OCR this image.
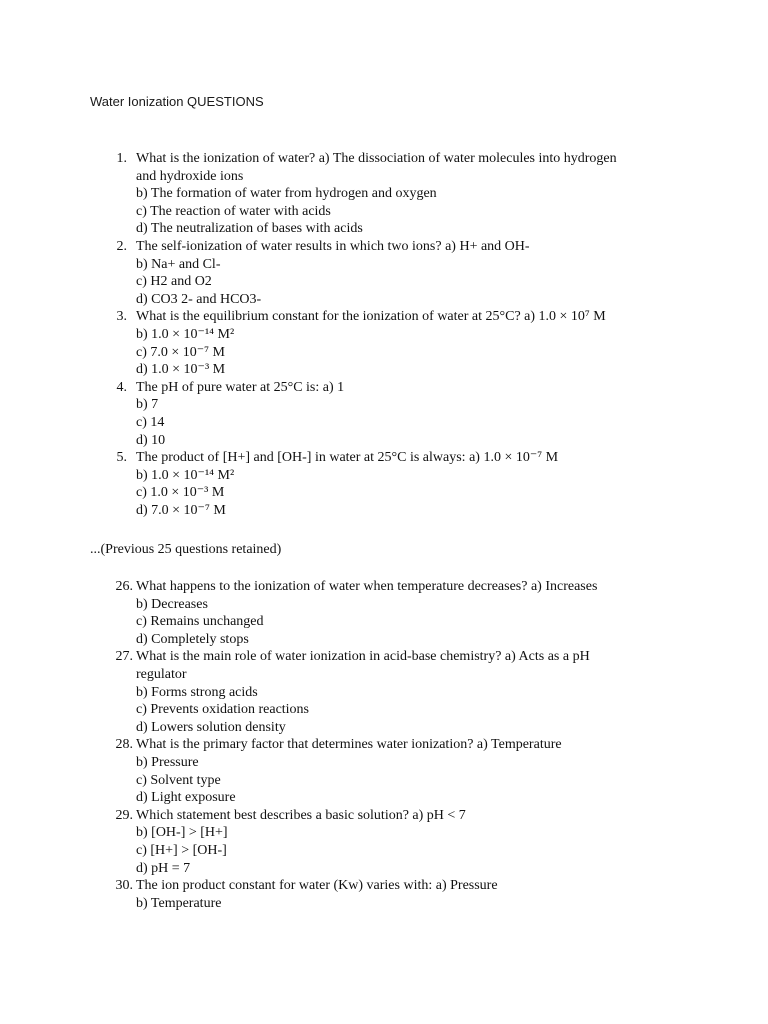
Water Ionization QUESTIONS
1. What is the ionization of water? a) The dissociation of water molecules into hydrogen
and hydroxide ions
b) The formation of water from hydrogen and oxygen
c) The reaction of water with acids
d) The neutralization of bases with acids
2. The self-ionization of water results in which two ions? a) H+ and OH-
b) Na+ and Cl-
c) H2 and O2
d) CO3 2- and HCO3-
3. What is the equilibrium constant for the ionization of water at 25°C? a) 1.0 × 10⁷ M
b) 1.0 × 10⁻¹⁴ M²
c) 7.0 × 10⁻⁷ M
d) 1.0 × 10⁻³ M
4. The pH of pure water at 25°C is: a) 1
b) 7
c) 14
d) 10
5. The product of [H+] and [OH-] in water at 25°C is always: a) 1.0 × 10⁻⁷ M
b) 1.0 × 10⁻¹⁴ M²
c) 1.0 × 10⁻³ M
d) 7.0 × 10⁻⁷ M
...(Previous 25 questions retained)
26. What happens to the ionization of water when temperature decreases? a) Increases
b) Decreases
c) Remains unchanged
d) Completely stops
27. What is the main role of water ionization in acid-base chemistry? a) Acts as a pH
regulator
b) Forms strong acids
c) Prevents oxidation reactions
d) Lowers solution density
28. What is the primary factor that determines water ionization? a) Temperature
b) Pressure
c) Solvent type
d) Light exposure
29. Which statement best describes a basic solution? a) pH < 7
b) [OH-] > [H+]
c) [H+] > [OH-]
d) pH = 7
30. The ion product constant for water (Kw) varies with: a) Pressure
b) Temperature
